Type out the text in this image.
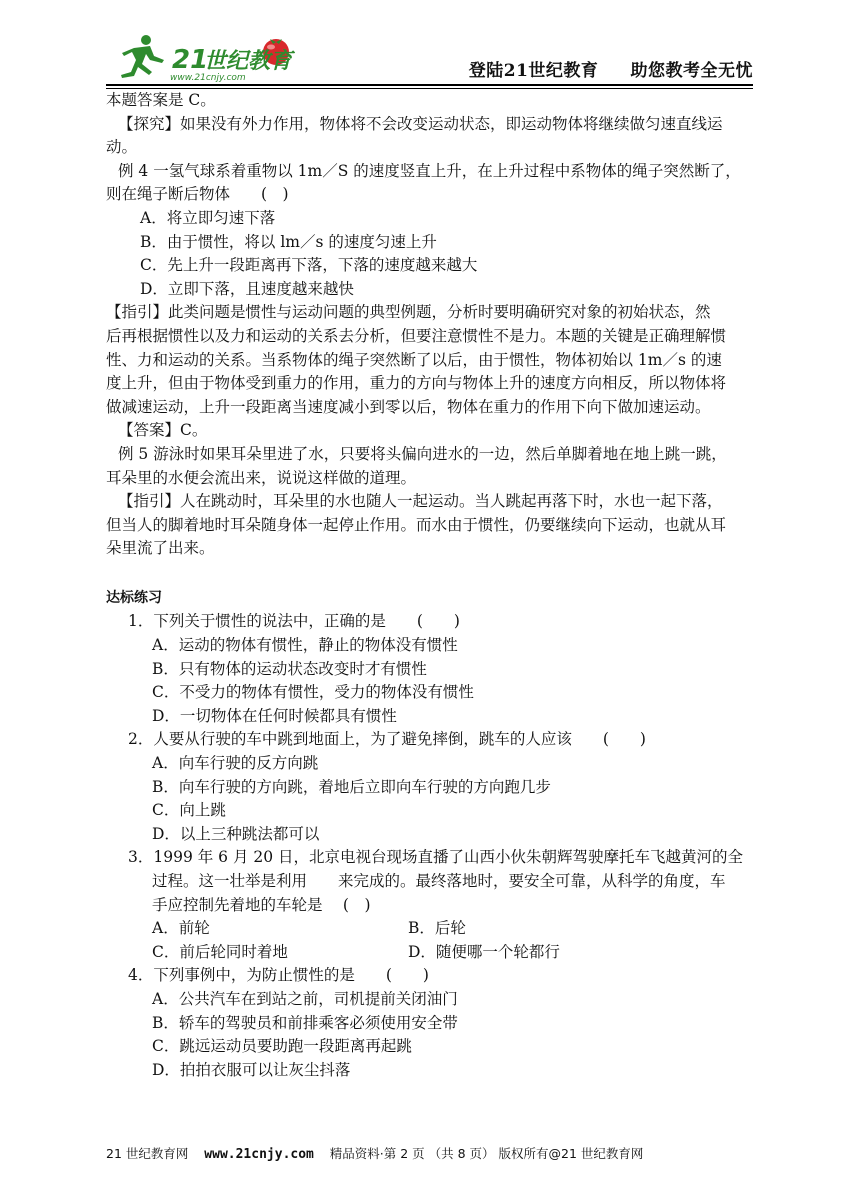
21
世纪教育
www.21cnjy.com	登陆21世纪教育 助您教考全无忧
本题答案是 C。
【探究】如果没有外力作用，物体将不会改变运动状态，即运动物体将继续做匀速直线运
动。
例 4 一氢气球系着重物以 1m／S 的速度竖直上升，在上升过程中系物体的绳子突然断了，
则在绳子断后物体　　(　)
A．将立即匀速下落
B．由于惯性，将以 lm／s 的速度匀速上升
C．先上升一段距离再下落，下落的速度越来越大
D．立即下落，且速度越来越快
【指引】此类问题是惯性与运动问题的典型例题，分析时要明确研究对象的初始状态，然
后再根据惯性以及力和运动的关系去分析，但要注意惯性不是力。本题的关键是正确理解惯
性、力和运动的关系。当系物体的绳子突然断了以后，由于惯性，物体初始以 1m／s 的速
度上升，但由于物体受到重力的作用，重力的方向与物体上升的速度方向相反，所以物体将
做减速运动，上升一段距离当速度减小到零以后，物体在重力的作用下向下做加速运动。
【答案】C。
例 5 游泳时如果耳朵里进了水，只要将头偏向进水的一边，然后单脚着地在地上跳一跳，
耳朵里的水便会流出来，说说这样做的道理。
【指引】人在跳动时，耳朵里的水也随人一起运动。当人跳起再落下时，水也一起下落，
但当人的脚着地时耳朵随身体一起停止作用。而水由于惯性，仍要继续向下运动，也就从耳
朵里流了出来。
达标练习
1．下列关于惯性的说法中，正确的是　　(　　)
A．运动的物体有惯性，静止的物体没有惯性
B．只有物体的运动状态改变时才有惯性
C．不受力的物体有惯性，受力的物体没有惯性
D．一切物体在任何时候都具有惯性
2．人要从行驶的车中跳到地面上，为了避免摔倒，跳车的人应该　　(　　)
A．向车行驶的反方向跳
B．向车行驶的方向跳，着地后立即向车行驶的方向跑几步
C．向上跳
D．以上三种跳法都可以
3．1999 年 6 月 20 日，北京电视台现场直播了山西小伙朱朝辉驾驶摩托车飞越黄河的全
过程。这一壮举是利用　　来完成的。最终落地时，要安全可靠，从科学的角度，车
手应控制先着地的车轮是　 (　)
A．前轮	B．后轮
C．前后轮同时着地	D．随便哪一个轮都行
4．下列事例中，为防止惯性的是　　(　　)
A．公共汽车在到站之前，司机提前关闭油门
B．轿车的驾驶员和前排乘客必须使用安全带
C．跳远运动员要助跑一段距离再起跳
D．拍拍衣服可以让灰尘抖落
21 世纪教育网 www.21cnjy.com 精品资料·第 2 页 （共 8 页） 版权所有@21 世纪教育网
